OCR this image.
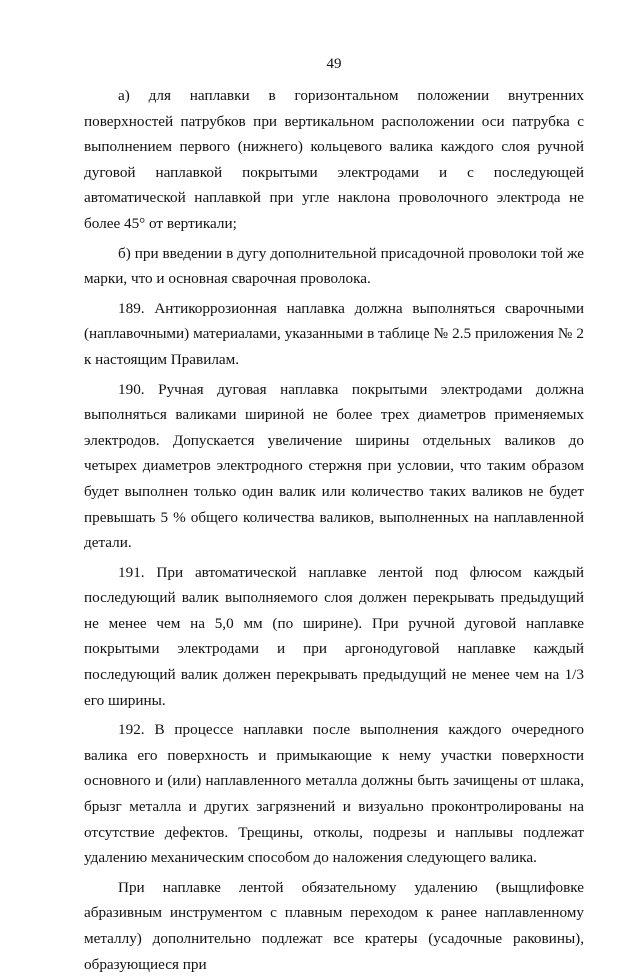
49

а) для наплавки в горизонтальном положении внутренних поверхностей патрубков при вертикальном расположении оси патрубка с выполнением первого (нижнего) кольцевого валика каждого слоя ручной дуговой наплавкой покрытыми электродами и с последующей автоматической наплавкой при угле наклона проволочного электрода не более 45° от вертикали;

б) при введении в дугу дополнительной присадочной проволоки той же марки, что и основная сварочная проволока.

189. Антикоррозионная наплавка должна выполняться сварочными (наплавочными) материалами, указанными в таблице № 2.5 приложения № 2 к настоящим Правилам.

190. Ручная дуговая наплавка покрытыми электродами должна выполняться валиками шириной не более трех диаметров применяемых электродов. Допускается увеличение ширины отдельных валиков до четырех диаметров электродного стержня при условии, что таким образом будет выполнен только один валик или количество таких валиков не будет превышать 5 % общего количества валиков, выполненных на наплавленной детали.

191. При автоматической наплавке лентой под флюсом каждый последующий валик выполняемого слоя должен перекрывать предыдущий не менее чем на 5,0 мм (по ширине). При ручной дуговой наплавке покрытыми электродами и при аргонодуговой наплавке каждый последующий валик должен перекрывать предыдущий не менее чем на 1/3 его ширины.

192. В процессе наплавки после выполнения каждого очередного валика его поверхность и примыкающие к нему участки поверхности основного и (или) наплавленного металла должны быть зачищены от шлака, брызг металла и других загрязнений и визуально проконтролированы на отсутствие дефектов. Трещины, отколы, подрезы и наплывы подлежат удалению механическим способом до наложения следующего валика.

При наплавке лентой обязательному удалению (выщлифовке абразивным инструментом с плавным переходом к ранее наплавленному металлу) дополнительно подлежат все кратеры (усадочные раковины), образующиеся при
